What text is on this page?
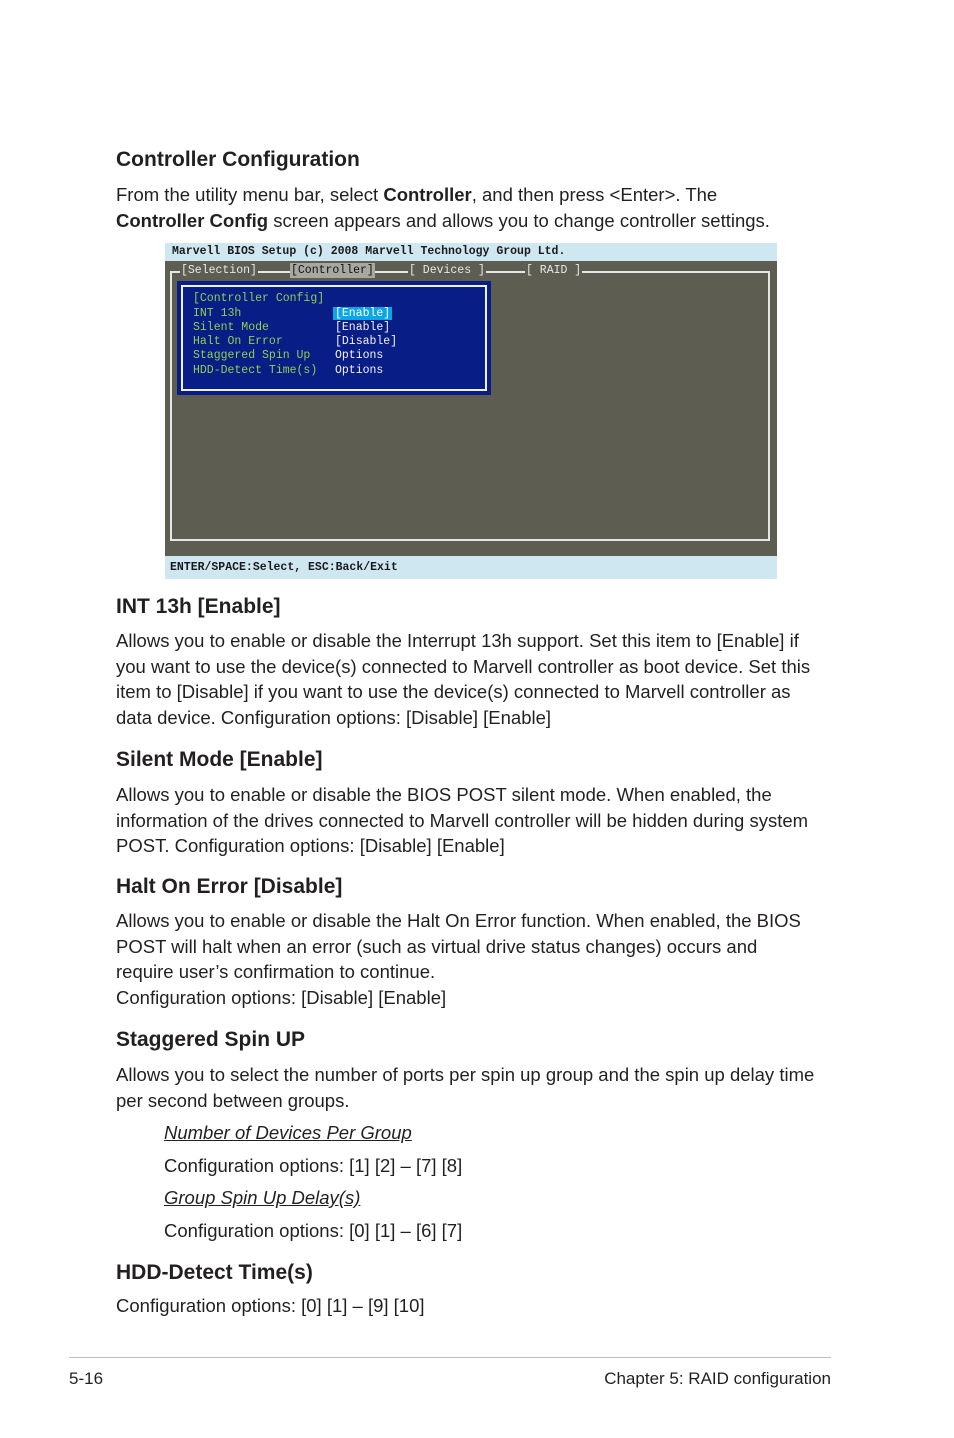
Controller Configuration

From the utility menu bar, select Controller, and then press <Enter>. The
Controller Config screen appears and allows you to change controller settings.

Marvell BIOS Setup (c) 2008 Marvell Technology Group Ltd.
[Selection]	[Controller]	[ Devices ]	[ RAID ]
[Controller Config]
INT 13h	[Enable]
Silent Mode	[Enable]
Halt On Error	[Disable]
Staggered Spin Up Options
HDD-Detect Time(s) Options
ENTER/SPACE:Select, ESC:Back/Exit
INT 13h [Enable]

Allows you to enable or disable the Interrupt 13h support. Set this item to [Enable] if you want to use the device(s) connected to Marvell controller as boot device. Set this item to [Disable] if you want to use the device(s) connected to Marvell controller as data device. Configuration options: [Disable] [Enable]

Silent Mode [Enable]

Allows you to enable or disable the BIOS POST silent mode. When enabled, the information of the drives connected to Marvell controller will be hidden during system POST. Configuration options: [Disable] [Enable]

Halt On Error [Disable]

Allows you to enable or disable the Halt On Error function. When enabled, the BIOS POST will halt when an error (such as virtual drive status changes) occurs and require user’s confirmation to continue.
Configuration options: [Disable] [Enable]

Staggered Spin UP

Allows you to select the number of ports per spin up group and the spin up delay time per second between groups.

Number of Devices Per Group

Configuration options: [1] [2] – [7] [8]

Group Spin Up Delay(s)

Configuration options: [0] [1] – [6] [7]

HDD-Detect Time(s)

Configuration options: [0] [1] – [9] [10]

5-16	Chapter 5: RAID configuration
